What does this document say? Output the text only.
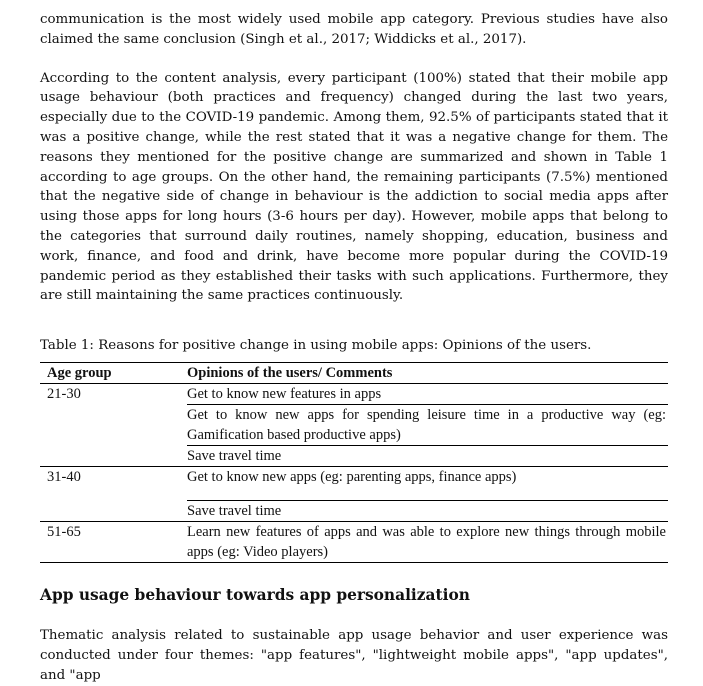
communication is the most widely used mobile app category. Previous studies have also claimed the same conclusion (Singh et al., 2017; Widdicks et al., 2017).

According to the content analysis, every participant (100%) stated that their mobile app usage behaviour (both practices and frequency) changed during the last two years, especially due to the COVID-19 pandemic. Among them, 92.5% of participants stated that it was a positive change, while the rest stated that it was a negative change for them. The reasons they mentioned for the positive change are summarized and shown in Table 1 according to age groups. On the other hand, the remaining participants (7.5%) mentioned that the negative side of change in behaviour is the addiction to social media apps after using those apps for long hours (3-6 hours per day). However, mobile apps that belong to the categories that surround daily routines, namely shopping, education, business and work, finance, and food and drink, have become more popular during the COVID-19 pandemic period as they established their tasks with such applications. Furthermore, they are still maintaining the same practices continuously.

Table 1: Reasons for positive change in using mobile apps: Opinions of the users.
Age group	Opinions of the users/ Comments
21-30	Get to know new features in apps
	Get to know new apps for spending leisure time in a productive way (eg: Gamification based productive apps)
	Save travel time
31-40	Get to know new apps (eg: parenting apps, finance apps)

	Save travel time
51-65	Learn new features of apps and was able to explore new things through mobile apps (eg: Video players)
App usage behaviour towards app personalization

Thematic analysis related to sustainable app usage behavior and user experience was conducted under four themes: "app features", "lightweight mobile apps", "app updates", and "app
